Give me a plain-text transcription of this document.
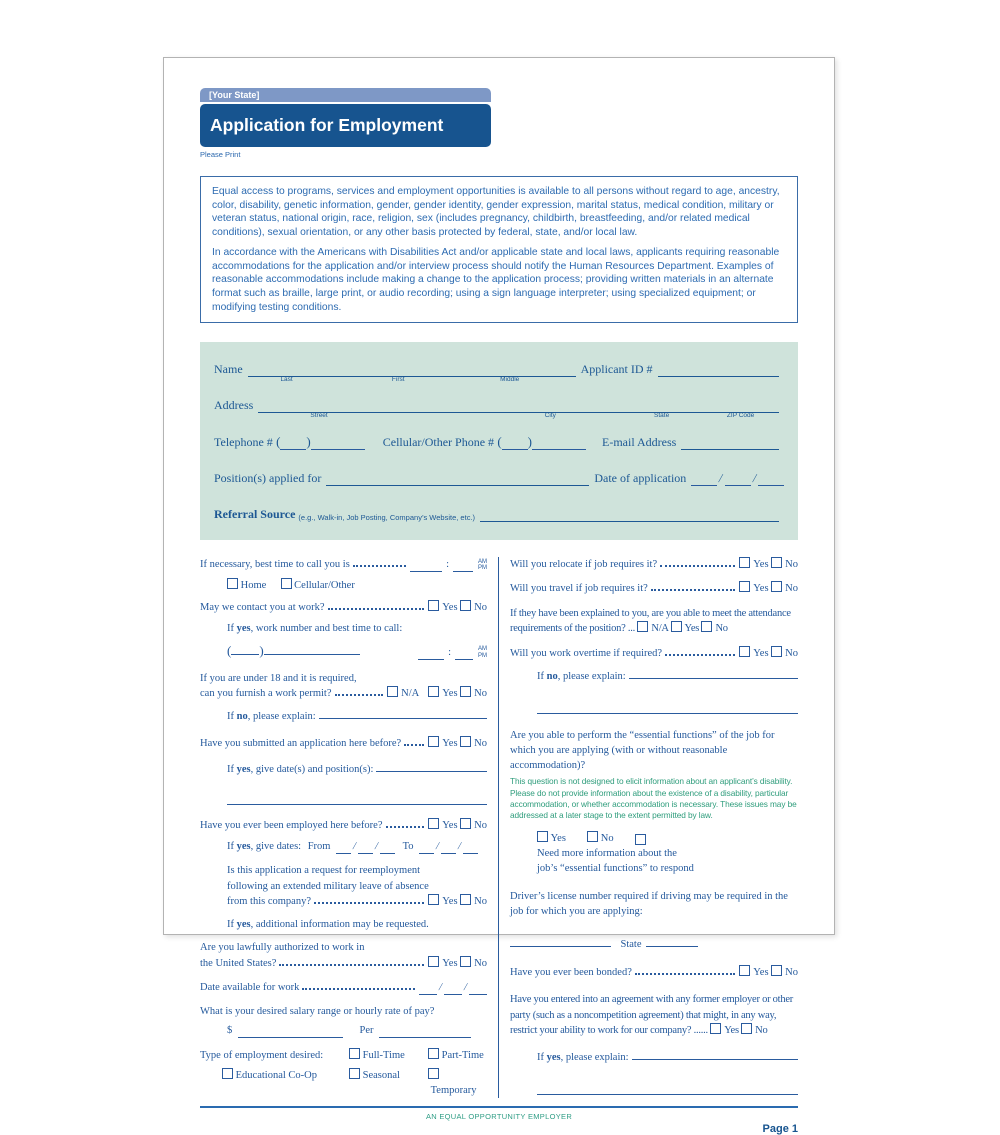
[Your State]
Application for Employment
Please Print

Equal access to programs, services and employment opportunities is available to all persons without regard to age, ancestry, color, disability, genetic information, gender, gender identity, gender expression, marital status, medical condition, military or veteran status, national origin, race, religion, sex (includes pregnancy, childbirth, breastfeeding, and/or related medical conditions), sexual orientation, or any other basis protected by federal, state, and/or local law.

In accordance with the Americans with Disabilities Act and/or applicable state and local laws, applicants requiring reasonable accommodations for the application and/or interview process should notify the Human Resources Department. Examples of reasonable accommodations include making a change to the application process; providing written materials in an alternate format such as braille, large print, or audio recording; using a sign language interpreter; using specialized equipment; or modifying testing conditions.

Name
Last	First	Middle
Applicant ID #
Address
Street	City	State	ZIP Code
Telephone # ( )	Cellular/Other Phone # ( )	E-mail Address
Position(s) applied for	Date of application	/ /
Referral Source (e.g., Walk-in, Job Posting, Company’s Website, etc.)
If necessary, best time to call you is	:	AM
PM
Home	Cellular/Other
May we contact you at work?	Yes No
If yes, work number and best time to call:
( )	:	AM
PM
If you are under 18 and it is required,
can you furnish a work permit?	N/A Yes No
If no, please explain:
Have you submitted an application here before?	Yes No
If yes, give date(s) and position(s):
Have you ever been employed here before?	Yes No
If yes, give dates: From / / To / /
Is this application a request for reemployment
following an extended military leave of absence
from this company?	Yes No
If yes, additional information may be requested.
Are you lawfully authorized to work in
the United States?	Yes No
Date available for work	/ /
What is your desired salary range or hourly rate of pay?
$	Per
Type of employment desired:	Full-Time	Part-Time
Educational Co-Op	Seasonal
Temporary
Will you relocate if job requires it?	Yes No
Will you travel if job requires it?	Yes No
If they have been explained to you, are you able to meet the attendance requirements of the position? ... N/A Yes No
Will you work overtime if required?	Yes No
If no, please explain:
Are you able to perform the “essential functions” of the job for which you are applying (with or without reasonable accommodation)?
This question is not designed to elicit information about an applicant’s disability. Please do not provide information about the existence of a disability, particular accommodation, or whether accommodation is necessary. These issues may be addressed at a later stage to the extent permitted by law.
Yes	No   Need more information about the
job’s “essential functions” to respond
Driver’s license number required if driving may be required in the job for which you are applying:
State
Have you ever been bonded?	Yes No
Have you entered into an agreement with any former employer or other party (such as a noncompetition agreement) that might, in any way, restrict your ability to work for our company? ...... Yes No
If yes, please explain:
AN EQUAL OPPORTUNITY EMPLOYER
Page 1
